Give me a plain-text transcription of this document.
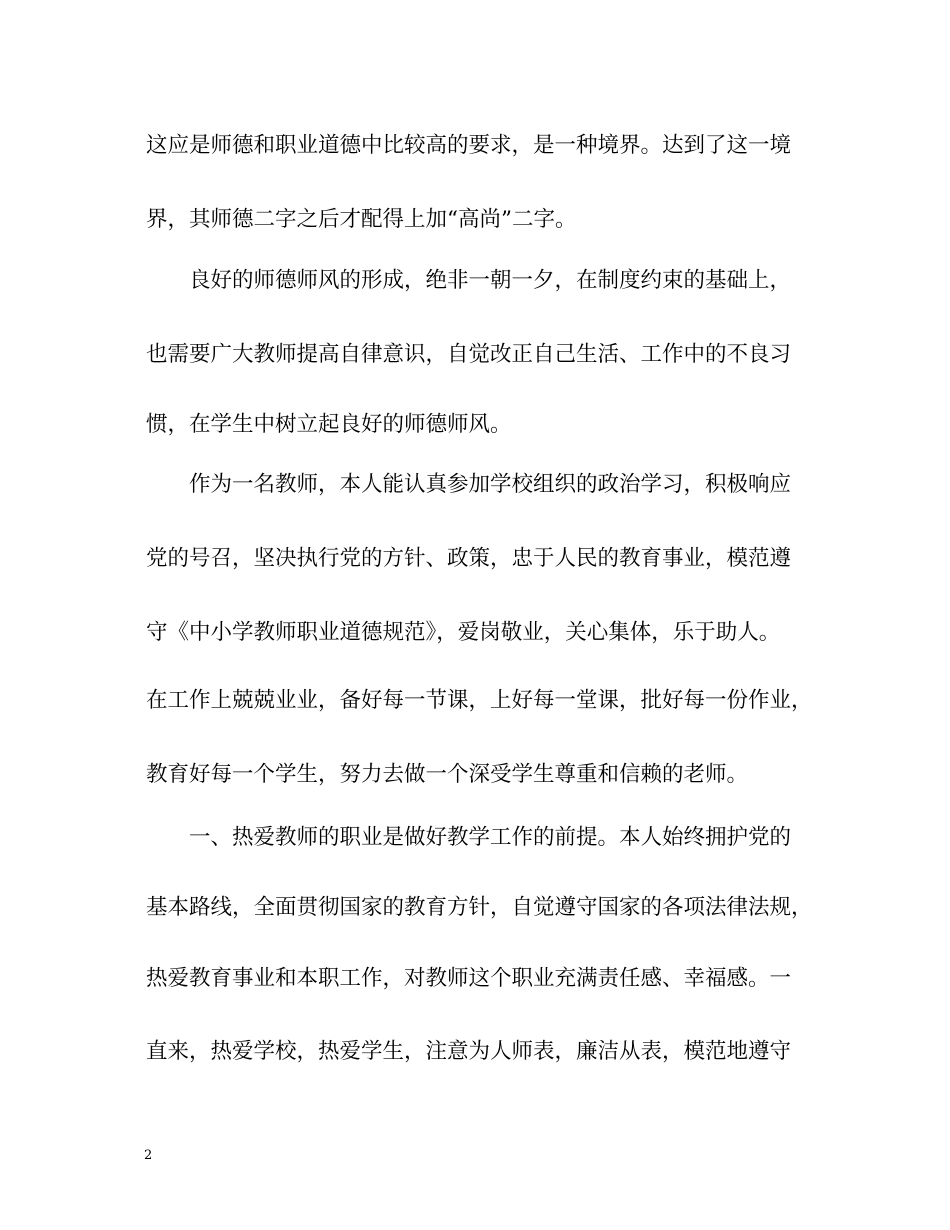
这应是师德和职业道德中比较高的要求，是一种境界。达到了这一境
界，其师德二字之后才配得上加“高尚”二字。
良好的师德师风的形成，绝非一朝一夕，在制度约束的基础上，
也需要广大教师提高自律意识，自觉改正自己生活、工作中的不良习
惯，在学生中树立起良好的师德师风。
作为一名教师，本人能认真参加学校组织的政治学习，积极响应
党的号召，坚决执行党的方针、政策，忠于人民的教育事业，模范遵
守《中小学教师职业道德规范》，爱岗敬业，关心集体，乐于助人。
在工作上兢兢业业，备好每一节课，上好每一堂课，批好每一份作业，
教育好每一个学生，努力去做一个深受学生尊重和信赖的老师。
一、热爱教师的职业是做好教学工作的前提。本人始终拥护党的
基本路线，全面贯彻国家的教育方针，自觉遵守国家的各项法律法规，
热爱教育事业和本职工作，对教师这个职业充满责任感、幸福感。一
直来，热爱学校，热爱学生，注意为人师表，廉洁从表，模范地遵守
2
